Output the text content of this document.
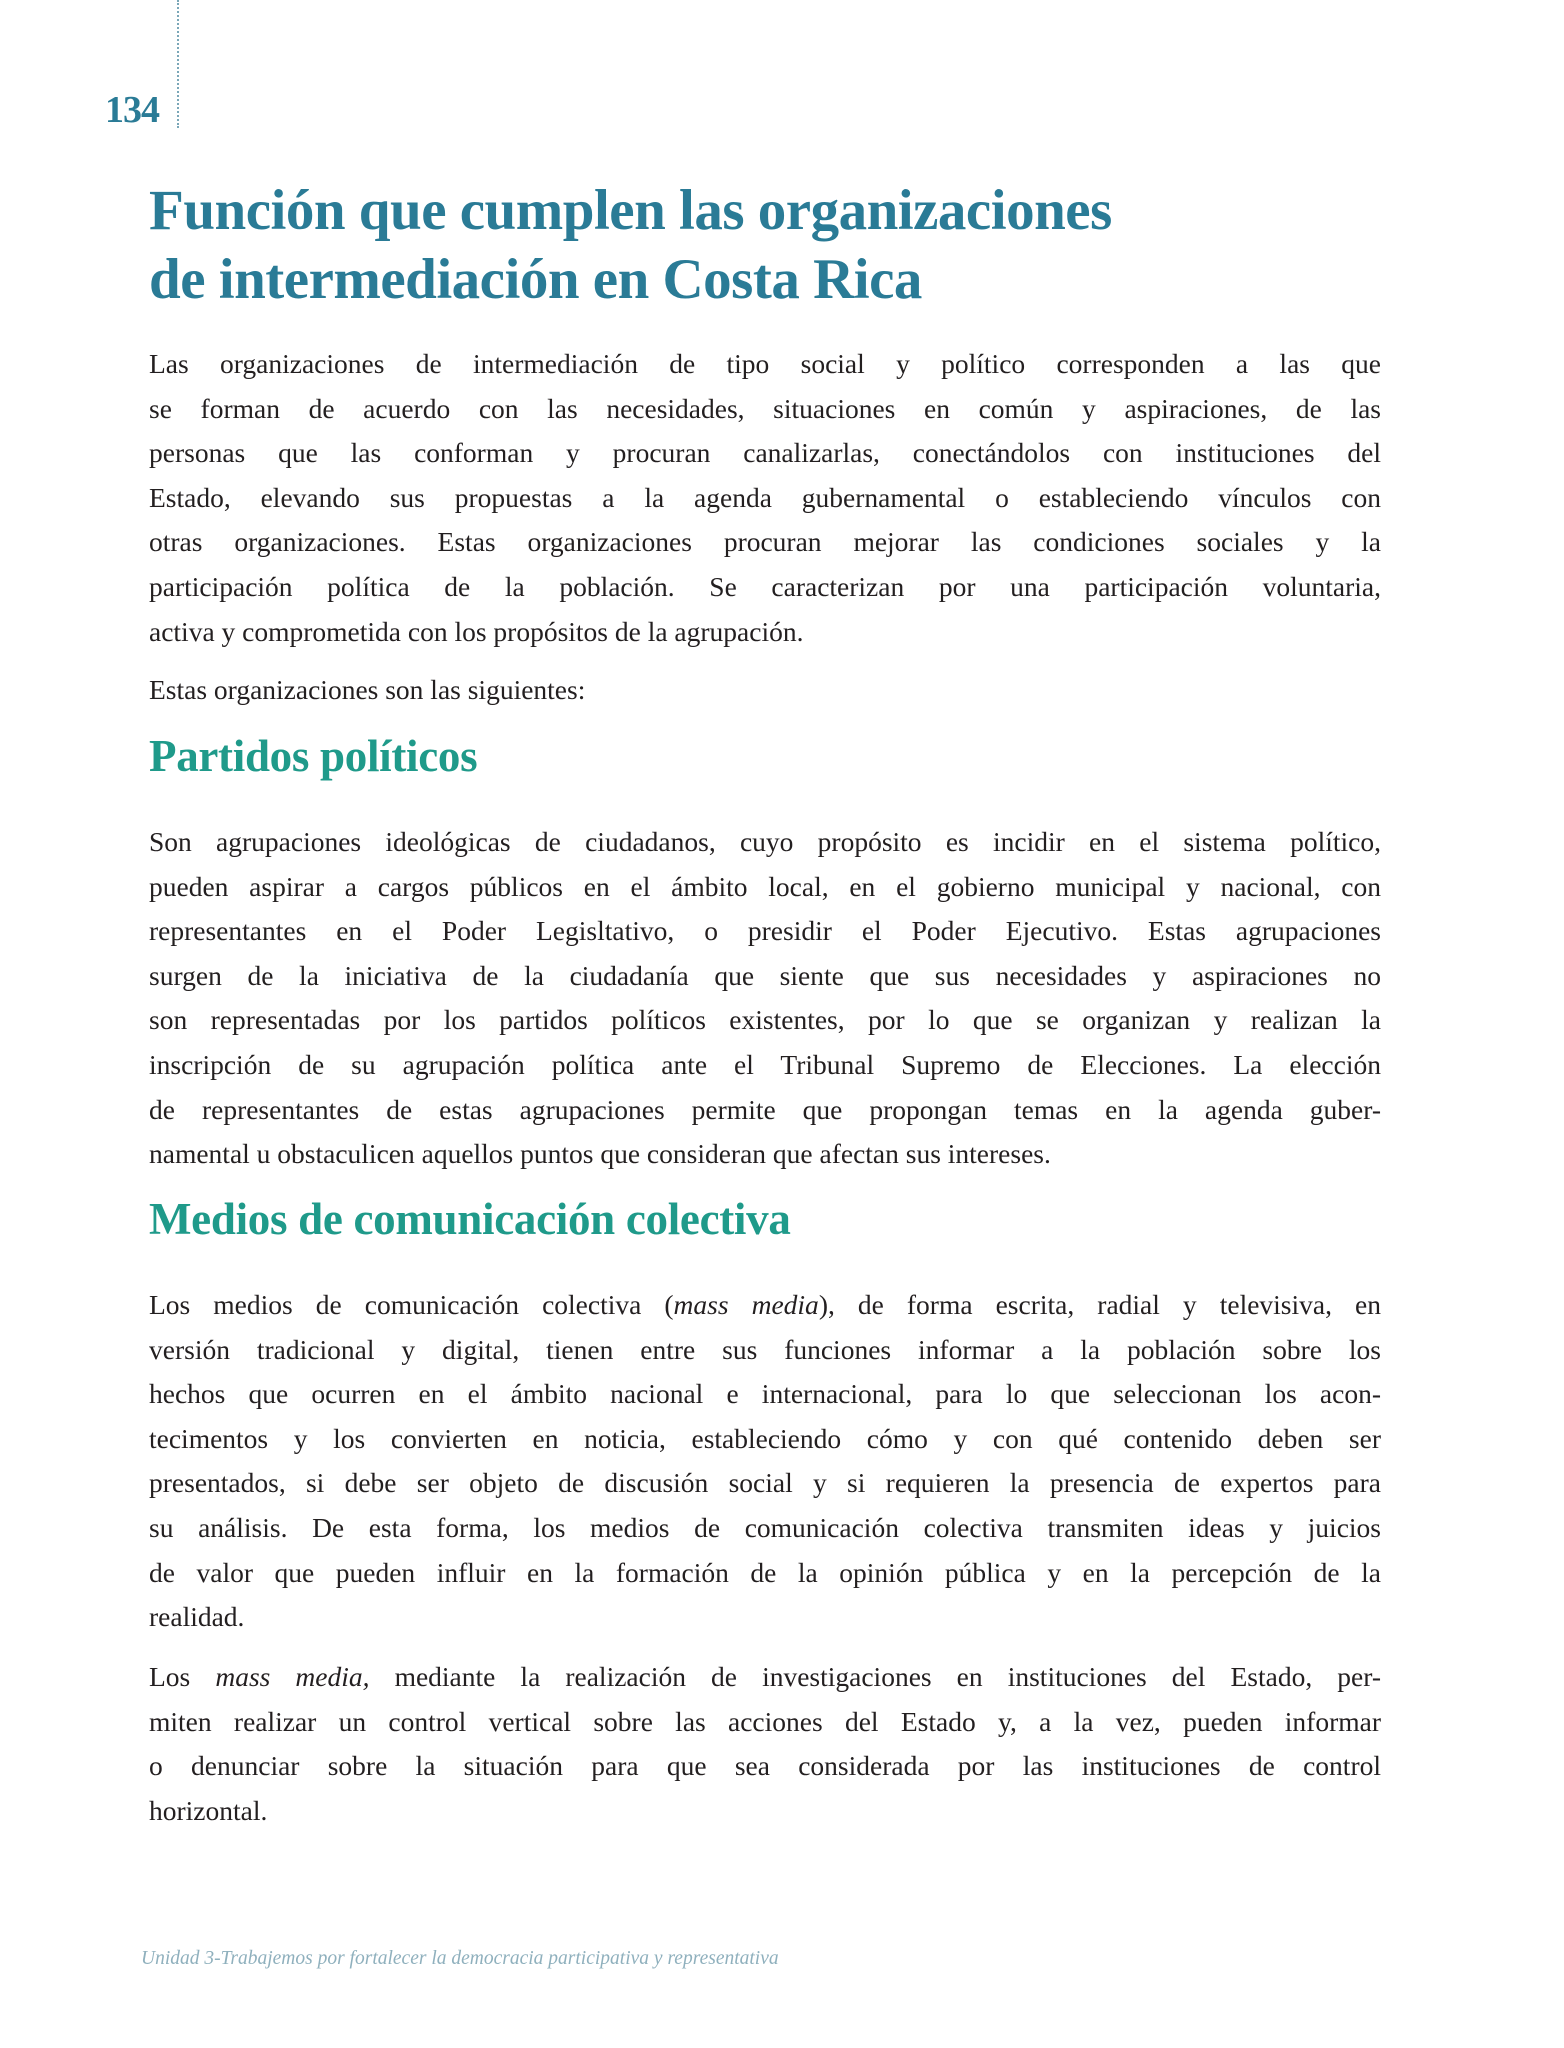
134
Función que cumplen las organizaciones
de intermediación en Costa Rica
Las organizaciones de intermediación de tipo social y político corresponden a las que
se forman de acuerdo con las necesidades, situaciones en común y aspiraciones, de las
personas que las conforman y procuran canalizarlas, conectándolos con instituciones del
Estado, elevando sus propuestas a la agenda gubernamental o estableciendo vínculos con
otras organizaciones. Estas organizaciones procuran mejorar las condiciones sociales y la
participación política de la población. Se caracterizan por una participación voluntaria,
activa y comprometida con los propósitos de la agrupación.
Estas organizaciones son las siguientes:
Partidos políticos
Son agrupaciones ideológicas de ciudadanos, cuyo propósito es incidir en el sistema político,
pueden aspirar a cargos públicos en el ámbito local, en el gobierno municipal y nacional, con
representantes en el Poder Legisltativo, o presidir el Poder Ejecutivo. Estas agrupaciones
surgen de la iniciativa de la ciudadanía que siente que sus necesidades y aspiraciones no
son representadas por los partidos políticos existentes, por lo que se organizan y realizan la
inscripción de su agrupación política ante el Tribunal Supremo de Elecciones. La elección
de representantes de estas agrupaciones permite que propongan temas en la agenda guber-
namental u obstaculicen aquellos puntos que consideran que afectan sus intereses.
Medios de comunicación colectiva
Los medios de comunicación colectiva (mass media), de forma escrita, radial y televisiva, en
versión tradicional y digital, tienen entre sus funciones informar a la población sobre los
hechos que ocurren en el ámbito nacional e internacional, para lo que seleccionan los acon-
tecimentos y los convierten en noticia, estableciendo cómo y con qué contenido deben ser
presentados, si debe ser objeto de discusión social y si requieren la presencia de expertos para
su análisis. De esta forma, los medios de comunicación colectiva transmiten ideas y juicios
de valor que pueden influir en la formación de la opinión pública y en la percepción de la
realidad.
Los mass media, mediante la realización de investigaciones en instituciones del Estado, per-
miten realizar un control vertical sobre las acciones del Estado y, a la vez, pueden informar
o denunciar sobre la situación para que sea considerada por las instituciones de control
horizontal.
Unidad 3-Trabajemos por fortalecer la democracia participativa y representativa
